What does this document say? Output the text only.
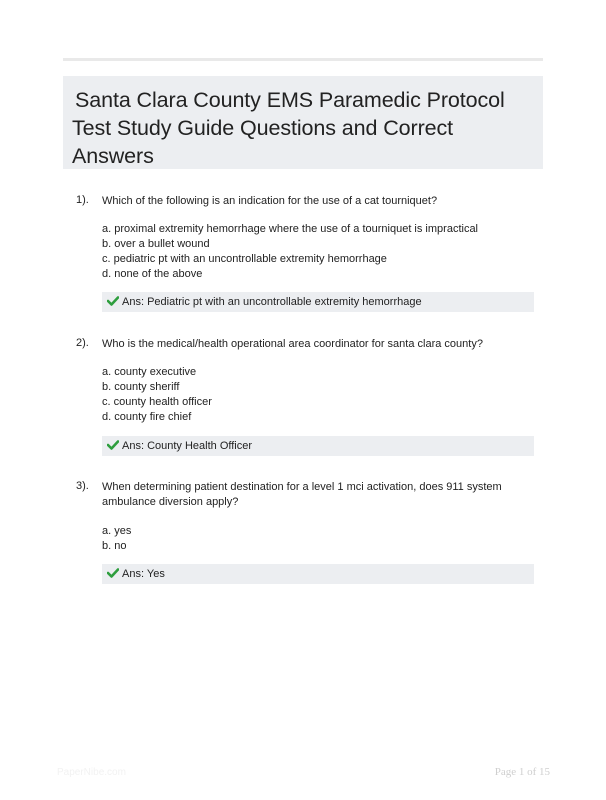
Santa Clara County EMS Paramedic Protocol
Test Study Guide Questions and Correct
Answers
1). Which of the following is an indication for the use of a cat tourniquet?
a. proximal extremity hemorrhage where the use of a tourniquet is impractical
b. over a bullet wound
c. pediatric pt with an uncontrollable extremity hemorrhage
d. none of the above
Ans: Pediatric pt with an uncontrollable extremity hemorrhage
2). Who is the medical/health operational area coordinator for santa clara county?
a. county executive
b. county sheriff
c. county health officer
d. county fire chief
Ans: County Health Officer
3). When determining patient destination for a level 1 mci activation, does 911 system ambulance diversion apply?
a. yes
b. no
Ans: Yes
PaperNibe.com	Page 1 of 15
